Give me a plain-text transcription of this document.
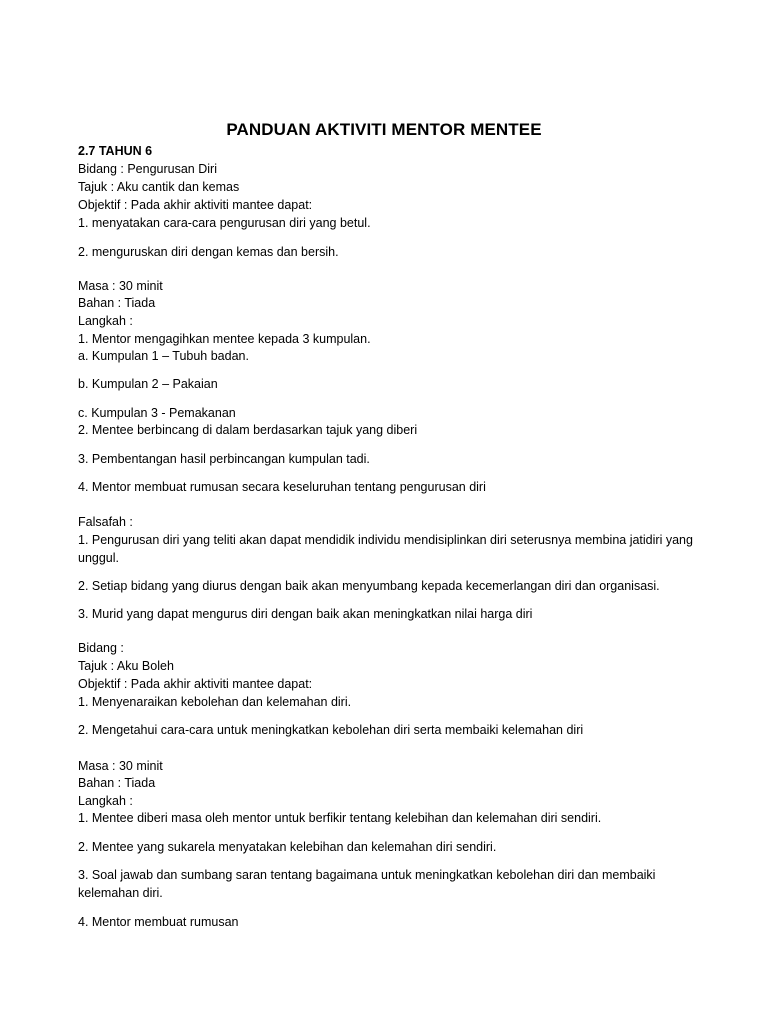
PANDUAN AKTIVITI MENTOR MENTEE
2.7 TAHUN 6
Bidang : Pengurusan Diri
Tajuk : Aku cantik dan kemas
Objektif : Pada akhir aktiviti mantee dapat:
1. menyatakan cara-cara pengurusan diri yang betul.
2. menguruskan diri dengan kemas dan bersih.
Masa : 30 minit
Bahan : Tiada
Langkah :
1. Mentor mengagihkan mentee kepada 3 kumpulan.
a. Kumpulan 1 – Tubuh badan.
b. Kumpulan 2 – Pakaian
c. Kumpulan 3 - Pemakanan
2. Mentee berbincang di dalam berdasarkan tajuk yang diberi
3. Pembentangan hasil perbincangan kumpulan tadi.
4. Mentor membuat rumusan secara keseluruhan tentang pengurusan diri
Falsafah :
1. Pengurusan diri yang teliti akan dapat mendidik individu mendisiplinkan diri seterusnya membina jatidiri yang unggul.
2. Setiap bidang yang diurus dengan baik akan menyumbang kepada kecemerlangan diri dan organisasi.
3. Murid yang dapat mengurus diri dengan baik akan meningkatkan nilai harga diri
Bidang :
Tajuk : Aku Boleh
Objektif : Pada akhir aktiviti mantee dapat:
1. Menyenaraikan kebolehan dan kelemahan diri.
2. Mengetahui cara-cara untuk meningkatkan kebolehan diri serta membaiki kelemahan diri
Masa : 30 minit
Bahan : Tiada
Langkah :
1. Mentee diberi masa oleh mentor untuk berfikir tentang kelebihan dan kelemahan diri sendiri.
2. Mentee yang sukarela menyatakan kelebihan dan kelemahan diri sendiri.
3. Soal jawab dan sumbang saran tentang bagaimana untuk meningkatkan kebolehan diri dan membaiki kelemahan diri.
4. Mentor membuat rumusan
